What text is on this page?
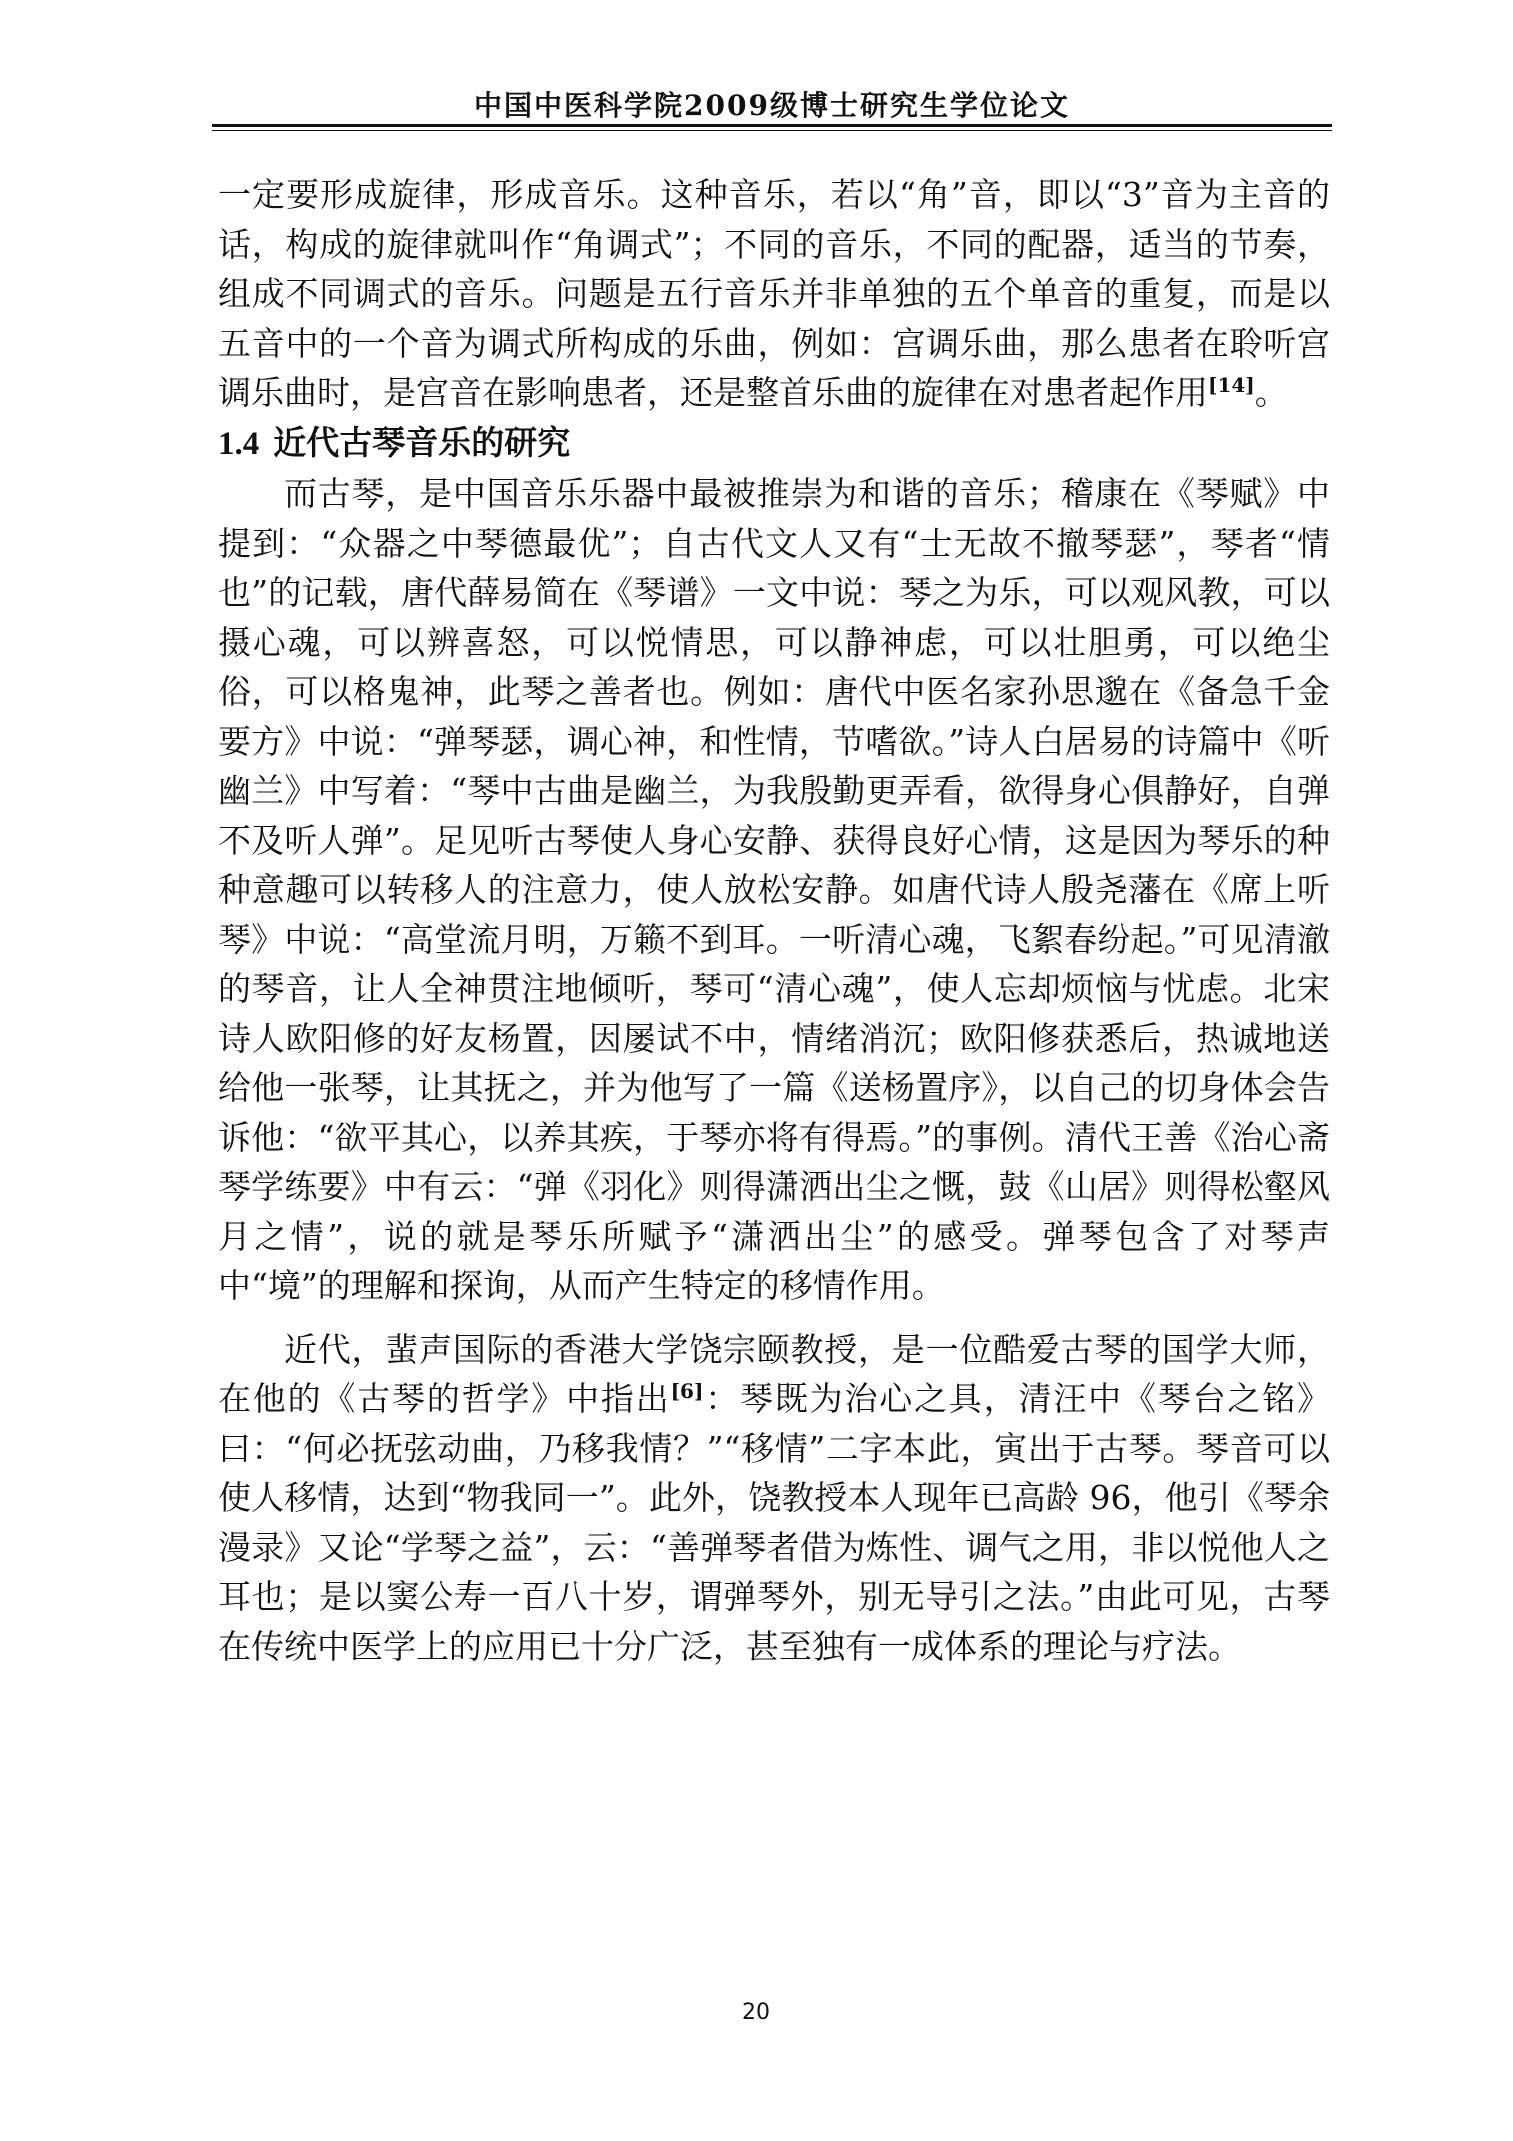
中国中医科学院2009级博士研究生学位论文

一定要形成旋律，形成音乐。这种音乐，若以“角”音，即以“3”音为主音的话，构成的旋律就叫作“角调式”；不同的音乐，不同的配器，适当的节奏，组成不同调式的音乐。问题是五行音乐并非单独的五个单音的重复，而是以五音中的一个音为调式所构成的乐曲，例如：宫调乐曲，那么患者在聆听宫调乐曲时，是宫音在影响患者，还是整首乐曲的旋律在对患者起作用[14]。

1.4 近代古琴音乐的研究

而古琴，是中国音乐乐器中最被推崇为和谐的音乐；稽康在《琴赋》中提到：“众器之中琴德最优”；自古代文人又有“士无故不撤琴瑟”，琴者“情也”的记载，唐代薛易简在《琴谱》一文中说：琴之为乐，可以观风教，可以摄心魂，可以辨喜怒，可以悦情思，可以静神虑，可以壮胆勇，可以绝尘俗，可以格鬼神，此琴之善者也。例如：唐代中医名家孙思邈在《备急千金要方》中说：“弹琴瑟，调心神，和性情，节嗜欲。”诗人白居易的诗篇中《听幽兰》中写着：“琴中古曲是幽兰，为我殷勤更弄看，欲得身心俱静好，自弹不及听人弹”。足见听古琴使人身心安静、获得良好心情，这是因为琴乐的种种意趣可以转移人的注意力，使人放松安静。如唐代诗人殷尧藩在《席上听琴》中说：“高堂流月明，万籁不到耳。一听清心魂，飞絮春纷起。”可见清澈的琴音，让人全神贯注地倾听，琴可“清心魂”，使人忘却烦恼与忧虑。北宋诗人欧阳修的好友杨置，因屡试不中，情绪消沉；欧阳修获悉后，热诚地送给他一张琴，让其抚之，并为他写了一篇《送杨置序》，以自己的切身体会告诉他：“欲平其心，以养其疾，于琴亦将有得焉。”的事例。清代王善《治心斋琴学练要》中有云：“弹《羽化》则得潇洒出尘之慨，鼓《山居》则得松壑风月之情”，说的就是琴乐所赋予“潇洒出尘”的感受。弹琴包含了对琴声中“境”的理解和探询，从而产生特定的移情作用。

近代，蜚声国际的香港大学饶宗颐教授，是一位酷爱古琴的国学大师，在他的《古琴的哲学》中指出[6]：琴既为治心之具，清汪中《琴台之铭》曰：“何必抚弦动曲，乃移我情？”“移情”二字本此，寅出于古琴。琴音可以使人移情，达到“物我同一”。此外，饶教授本人现年已高龄 96，他引《琴余漫录》又论“学琴之益”，云：“善弹琴者借为炼性、调气之用，非以悦他人之耳也；是以窦公寿一百八十岁，谓弹琴外，别无导引之法。”由此可见，古琴在传统中医学上的应用已十分广泛，甚至独有一成体系的理论与疗法。

20
